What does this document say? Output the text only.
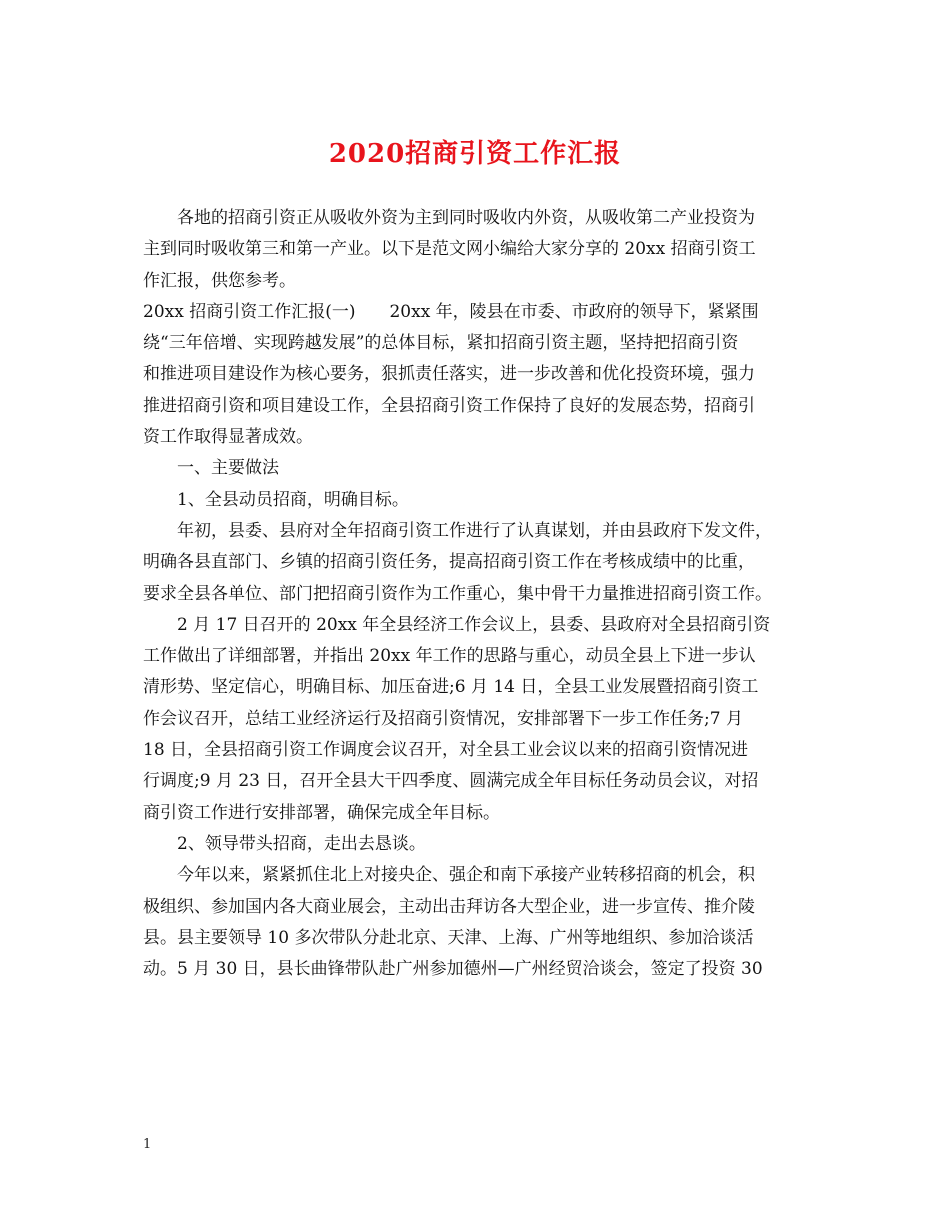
2020招商引资工作汇报
各地的招商引资正从吸收外资为主到同时吸收内外资，从吸收第二产业投资为
主到同时吸收第三和第一产业。以下是范文网小编给大家分享的 20xx 招商引资工
作汇报，供您参考。
20xx 招商引资工作汇报(一)　　20xx 年，陵县在市委、市政府的领导下，紧紧围
绕“三年倍增、实现跨越发展”的总体目标，紧扣招商引资主题，坚持把招商引资
和推进项目建设作为核心要务，狠抓责任落实，进一步改善和优化投资环境，强力
推进招商引资和项目建设工作，全县招商引资工作保持了良好的发展态势，招商引
资工作取得显著成效。
一、主要做法
1、全县动员招商，明确目标。
年初，县委、县府对全年招商引资工作进行了认真谋划，并由县政府下发文件，
明确各县直部门、乡镇的招商引资任务，提高招商引资工作在考核成绩中的比重，
要求全县各单位、部门把招商引资作为工作重心，集中骨干力量推进招商引资工作。
2 月 17 日召开的 20xx 年全县经济工作会议上，县委、县政府对全县招商引资
工作做出了详细部署，并指出 20xx 年工作的思路与重心，动员全县上下进一步认
清形势、坚定信心，明确目标、加压奋进;6 月 14 日，全县工业发展暨招商引资工
作会议召开，总结工业经济运行及招商引资情况，安排部署下一步工作任务;7 月
18 日，全县招商引资工作调度会议召开，对全县工业会议以来的招商引资情况进
行调度;9 月 23 日，召开全县大干四季度、圆满完成全年目标任务动员会议，对招
商引资工作进行安排部署，确保完成全年目标。
2、领导带头招商，走出去恳谈。
今年以来，紧紧抓住北上对接央企、强企和南下承接产业转移招商的机会，积
极组织、参加国内各大商业展会，主动出击拜访各大型企业，进一步宣传、推介陵
县。县主要领导 10 多次带队分赴北京、天津、上海、广州等地组织、参加洽谈活
动。5 月 30 日，县长曲锋带队赴广州参加德州—广州经贸洽谈会，签定了投资 30
1
